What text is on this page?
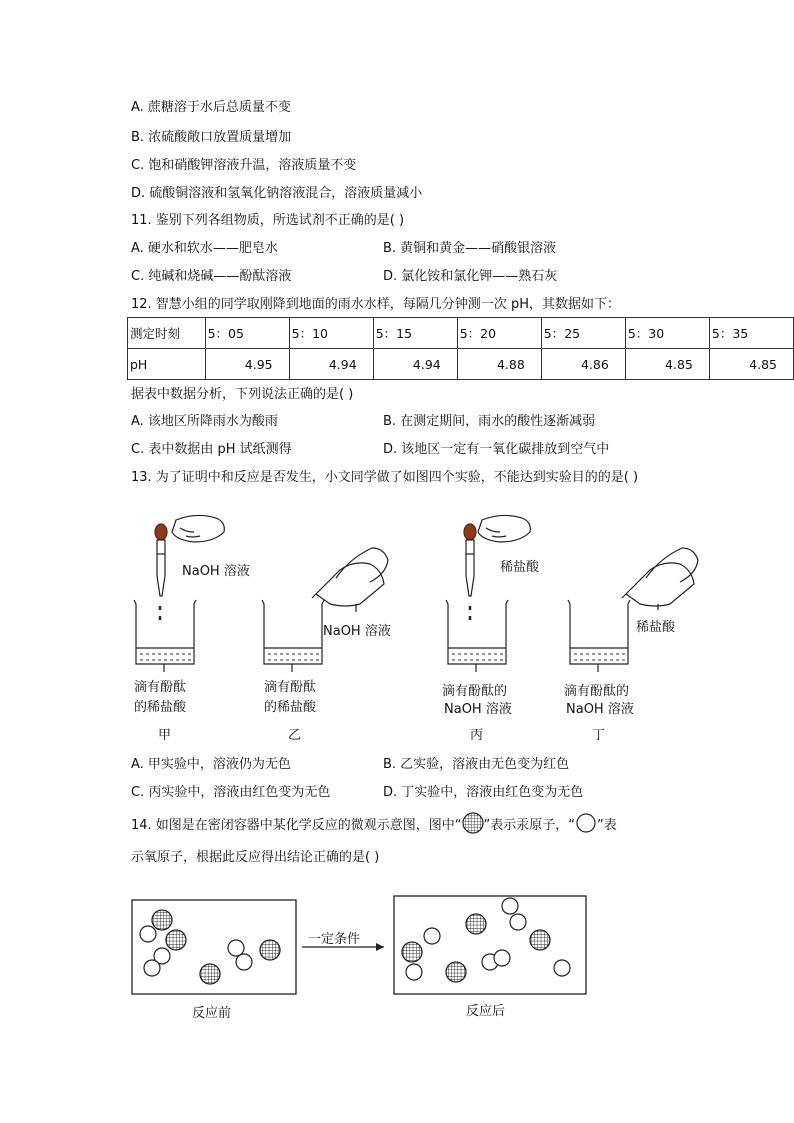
A. 蔗糖溶于水后总质量不变
B. 浓硫酸敞口放置质量增加
C. 饱和硝酸钾溶液升温，溶液质量不变
D. 硫酸铜溶液和氢氧化钠溶液混合，溶液质量减小
11. 鉴别下列各组物质，所选试剂不正确的是( )
A. 硬水和软水——肥皂水	B. 黄铜和黄金——硝酸银溶液
C. 纯碱和烧碱——酚酞溶液	D. 氯化铵和氯化钾——熟石灰
12. 智慧小组的同学取刚降到地面的雨水水样，每隔几分钟测一次 pH，其数据如下：
测定时刻	5：05	5：10	5：15	5：20	5：25	5：30	5：35
pH	4.95	4.94	4.94	4.88	4.86	4.85	4.85
据表中数据分析，下列说法正确的是( )
A. 该地区所降雨水为酸雨	B. 在测定期间，雨水的酸性逐渐减弱
C. 表中数据由 pH 试纸测得	D. 该地区一定有一氧化碳排放到空气中
13. 为了证明中和反应是否发生，小文同学做了如图四个实验，不能达到实验目的的是( )
NaOH 溶液
滴有酚酞
的稀盐酸
甲
NaOH 溶液
滴有酚酞
的稀盐酸
乙
稀盐酸
滴有酚酞的
NaOH 溶液
丙
稀盐酸
滴有酚酞的
NaOH 溶液
丁
A. 甲实验中，溶液仍为无色	B. 乙实验，溶液由无色变为红色
C. 丙实验中，溶液由红色变为无色	D. 丁实验中，溶液由红色变为无色
14. 如图是在密闭容器中某化学反应的微观示意图，图中“ ”表示汞原子，“ ”表
示氧原子，根据此反应得出结论正确的是( )
一定条件
反应前	反应后
